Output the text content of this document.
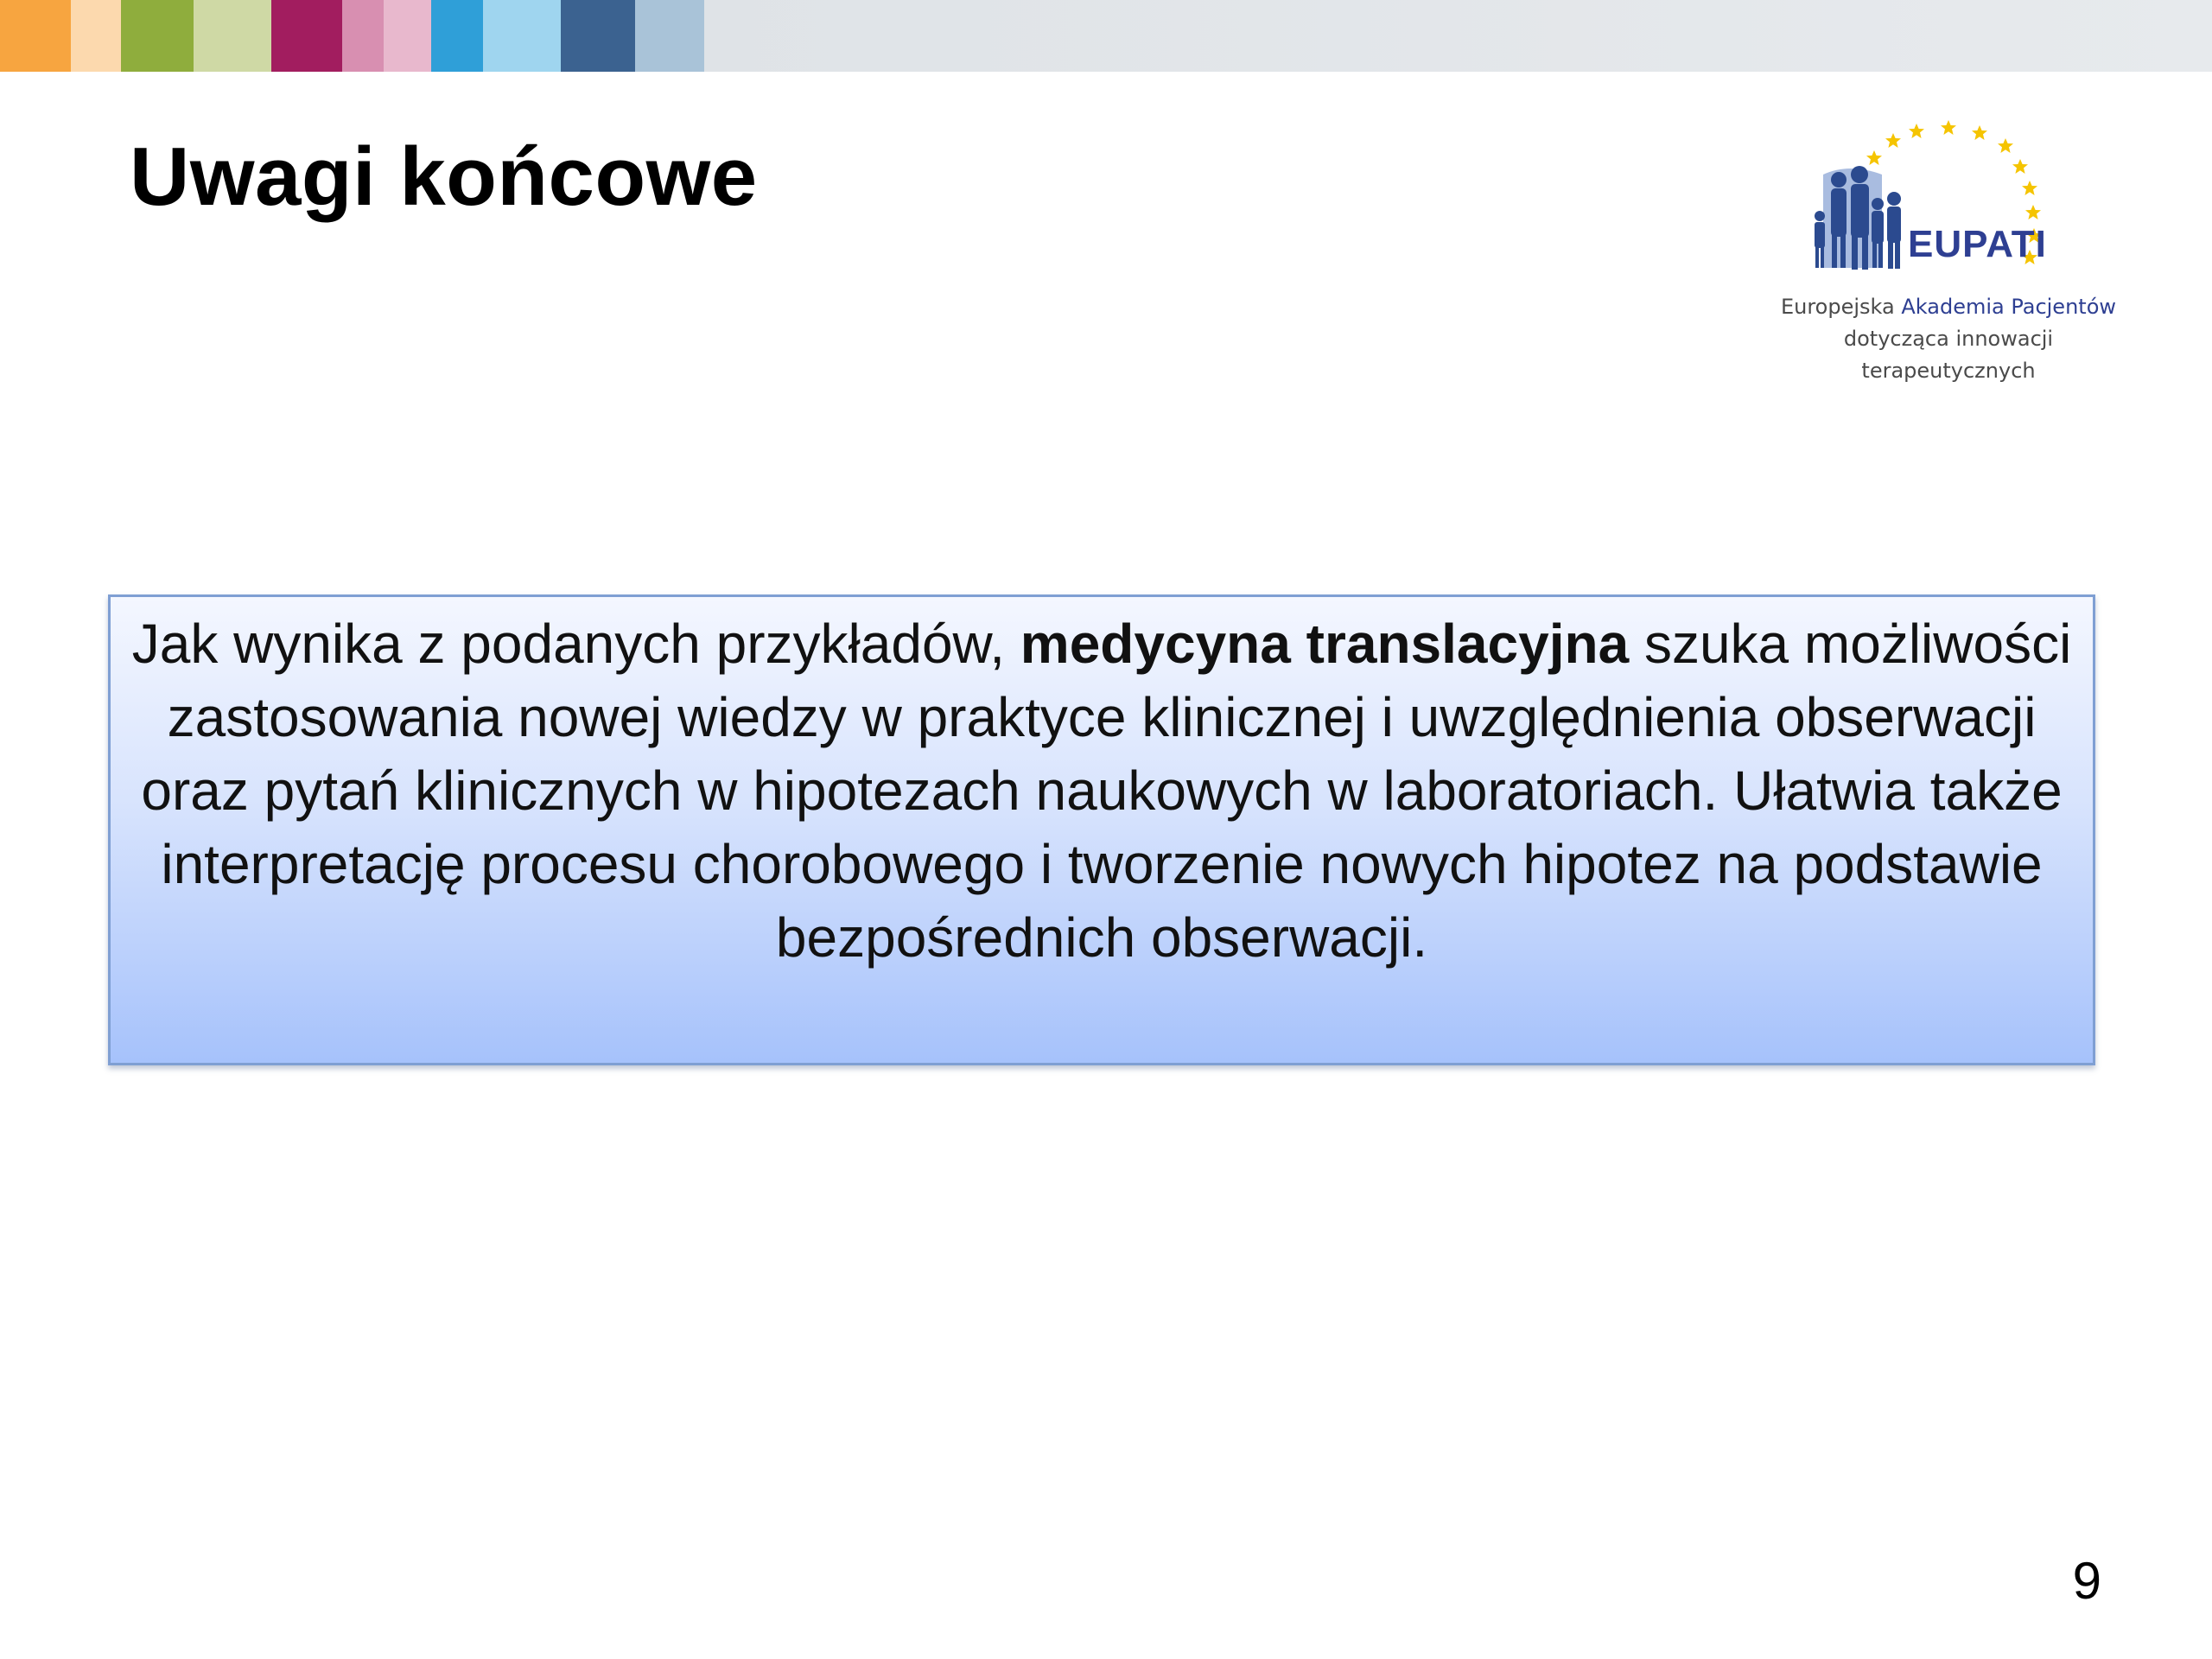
Uwagi końcowe
EUPATI
Europejska Akademia Pacjentów
dotycząca innowacji
terapeutycznych
Jak wynika z podanych przykładów, medycyna translacyjna szuka możliwości zastosowania nowej wiedzy w praktyce klinicznej i uwzględnienia obserwacji oraz pytań klinicznych w hipotezach naukowych w laboratoriach. Ułatwia także interpretację procesu chorobowego i tworzenie nowych hipotez na podstawie bezpośrednich obserwacji.
9
